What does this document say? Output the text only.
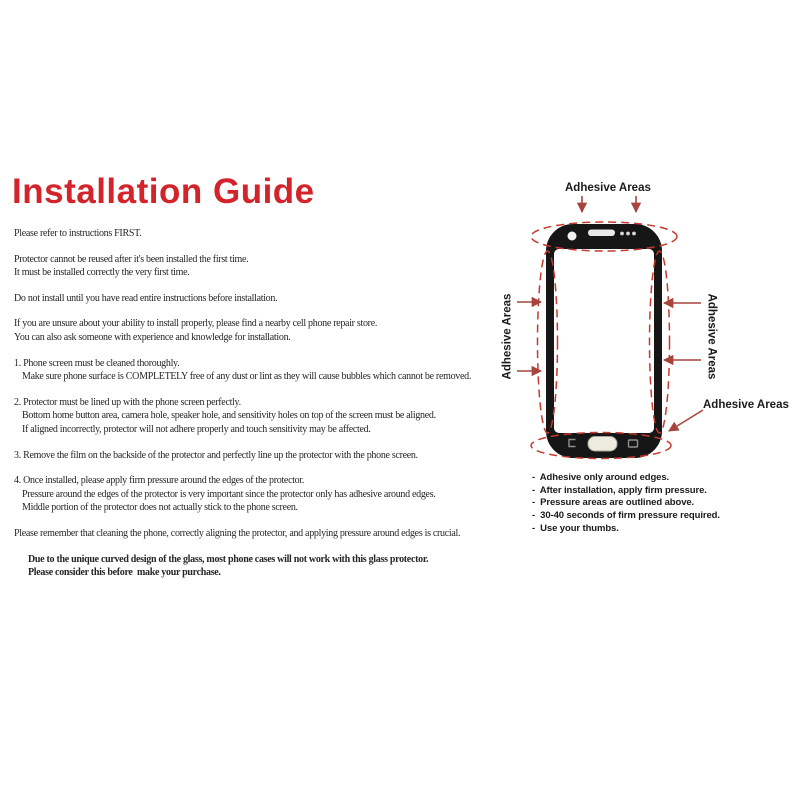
Installation Guide
Please refer to instructions FIRST.
Protector cannot be reused after it's been installed the first time.
It must be installed correctly the very first time.
Do not install until you have read entire instructions before installation.
If you are unsure about your ability to install properly, please find a nearby cell phone repair store.
You can also ask someone with experience and knowledge for installation.
1. Phone screen must be cleaned thoroughly.
Make sure phone surface is COMPLETELY free of any dust or lint as they will cause bubbles which cannot be removed.
2. Protector must be lined up with the phone screen perfectly.
Bottom home button area, camera hole, speaker hole, and sensitivity holes on top of the screen must be aligned.
If aligned incorrectly, protector will not adhere properly and touch sensitivity may be affected.
3. Remove the film on the backside of the protector and perfectly line up the protector with the phone screen.
4. Once installed, please apply firm pressure around the edges of the protector.
Pressure around the edges of the protector is very important since the protector only has adhesive around edges.
Middle portion of the protector does not actually stick to the phone screen.
Please remember that cleaning the phone, correctly aligning the protector, and applying pressure around edges is crucial.
Due to the unique curved design of the glass, most phone cases will not work with this glass protector.
Please consider this before  make your purchase.
Adhesive Areas
Adhesive Areas	Adhesive Areas
Adhesive Areas
-  Adhesive only around edges.
-  After installation, apply firm pressure.
-  Pressure areas are outlined above.
-  30-40 seconds of firm pressure required.
-  Use your thumbs.
